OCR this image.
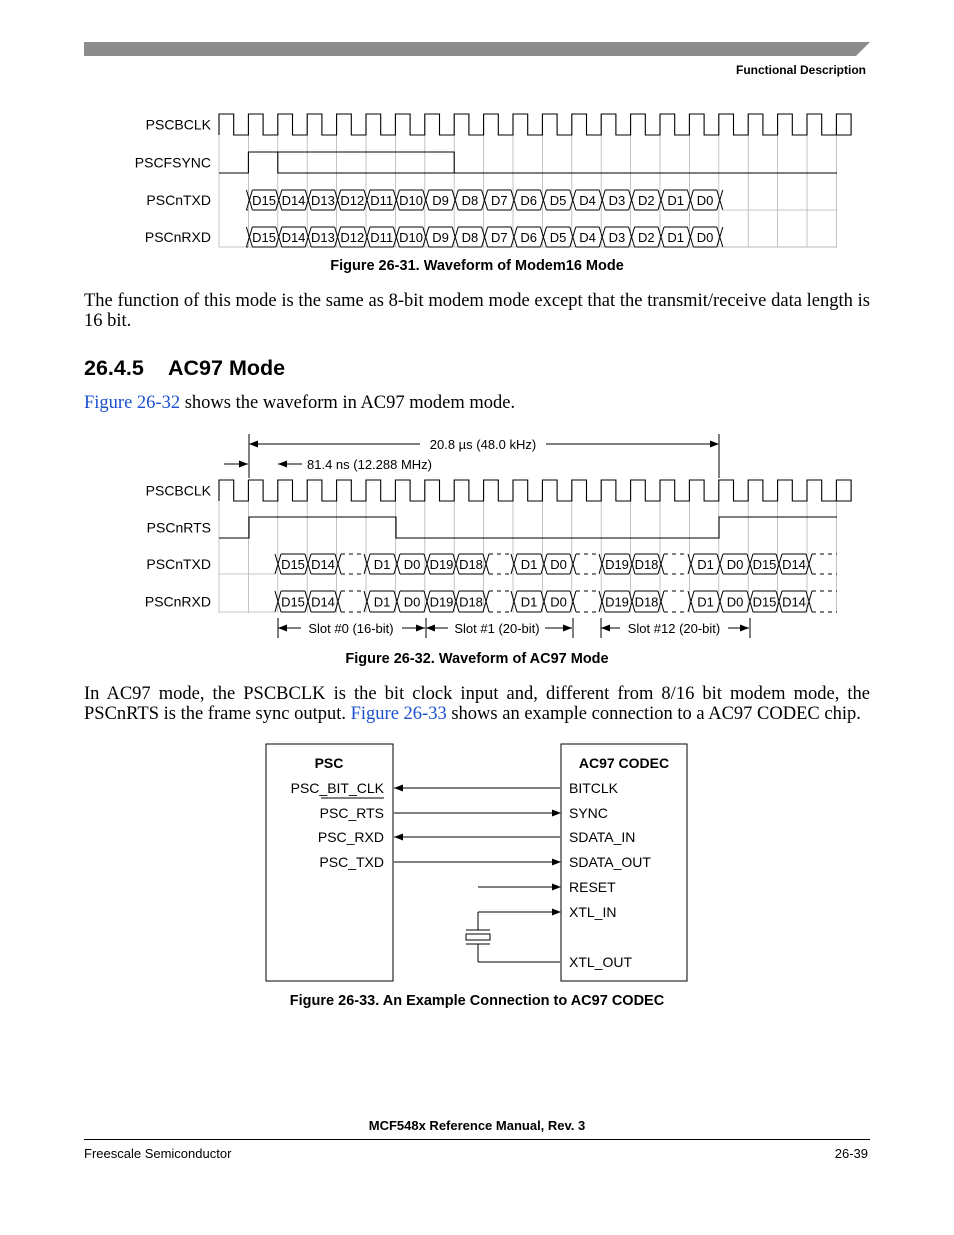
Functional Description
PSCBCLK
PSCFSYNC
PSCnTXD
PSCnRXD
D15 D14 D13 D12 D11 D10 D9 D8 D7 D6 D5 D4 D3 D2 D1 D0
D15 D14 D13 D12 D11 D10 D9 D8 D7 D6 D5 D4 D3 D2 D1 D0
Figure 26-31. Waveform of Modem16 Mode
The function of this mode is the same as 8-bit modem mode except that the transmit/receive data length is 16 bit.
26.4.5 AC97 Mode
Figure 26-32 shows the waveform in AC97 modem mode.
20.8 µs (48.0 kHz)
81.4 ns (12.288 MHz)
PSCBCLK
PSCnRTS
PSCnTXD
PSCnRXD
D15 D14	D1 D0 D19 D18	D1 D0	D19 D18	D1 D0 D15 D14
D15 D14	D1 D0 D19 D18	D1 D0	D19 D18	D1 D0 D15 D14
Slot #0 (16-bit)	Slot #1 (20-bit)	Slot #12 (20-bit)
Figure 26-32. Waveform of AC97 Mode
In AC97 mode, the PSCBCLK is the bit clock input and, different from 8/16 bit modem mode, the PSCnRTS is the frame sync output. Figure 26-33 shows an example connection to a AC97 CODEC chip.
PSC	AC97 CODEC
PSC_BIT_CLK
PSC_RTS
PSC_RXD
PSC_TXD
BITCLK
SYNC
SDATA_IN
SDATA_OUT
RESET
XTL_IN
XTL_OUT
Figure 26-33. An Example Connection to AC97 CODEC
MCF548x Reference Manual, Rev. 3
Freescale Semiconductor	26-39
